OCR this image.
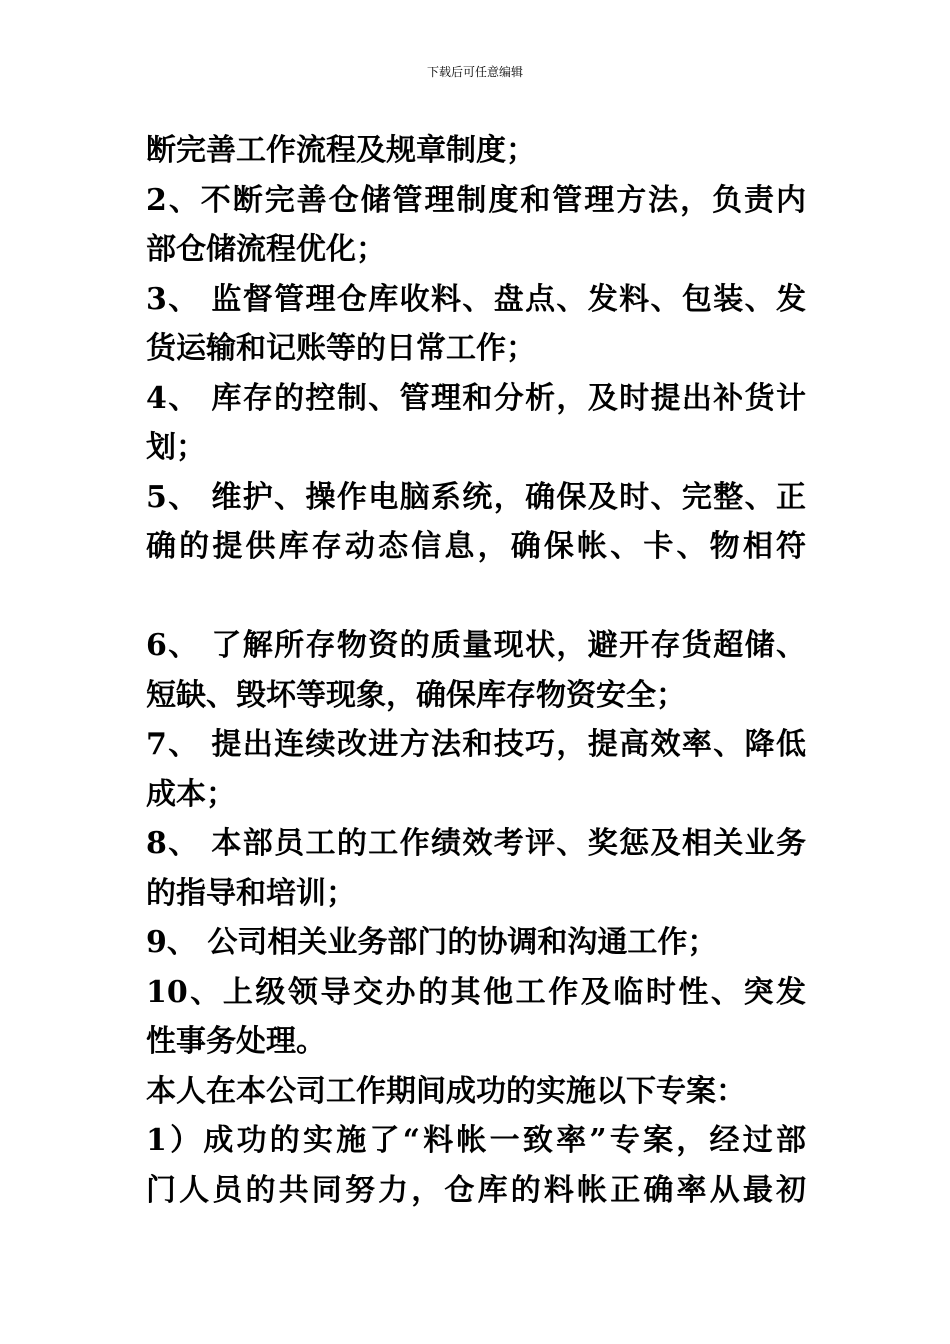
下载后可任意编辑
断完善工作流程及规章制度；
2、不断完善仓储管理制度和管理方法，负责内
部仓储流程优化；
3、 监督管理仓库收料、盘点、发料、包装、发
货运输和记账等的日常工作；
4、 库存的控制、管理和分析，及时提出补货计
划；
5、 维护、操作电脑系统，确保及时、完整、正
确的提供库存动态信息，确保帐、卡、物相符
6、 了解所存物资的质量现状，避开存货超储、
短缺、毁坏等现象，确保库存物资安全；
7、 提出连续改进方法和技巧，提高效率、降低
成本；
8、 本部员工的工作绩效考评、奖惩及相关业务
的指导和培训；
9、 公司相关业务部门的协调和沟通工作；
10、上级领导交办的其他工作及临时性、突发
性事务处理。
本人在本公司工作期间成功的实施以下专案：
1）成功的实施了“料帐一致率”专案，经过部
门人员的共同努力，仓库的料帐正确率从最初
